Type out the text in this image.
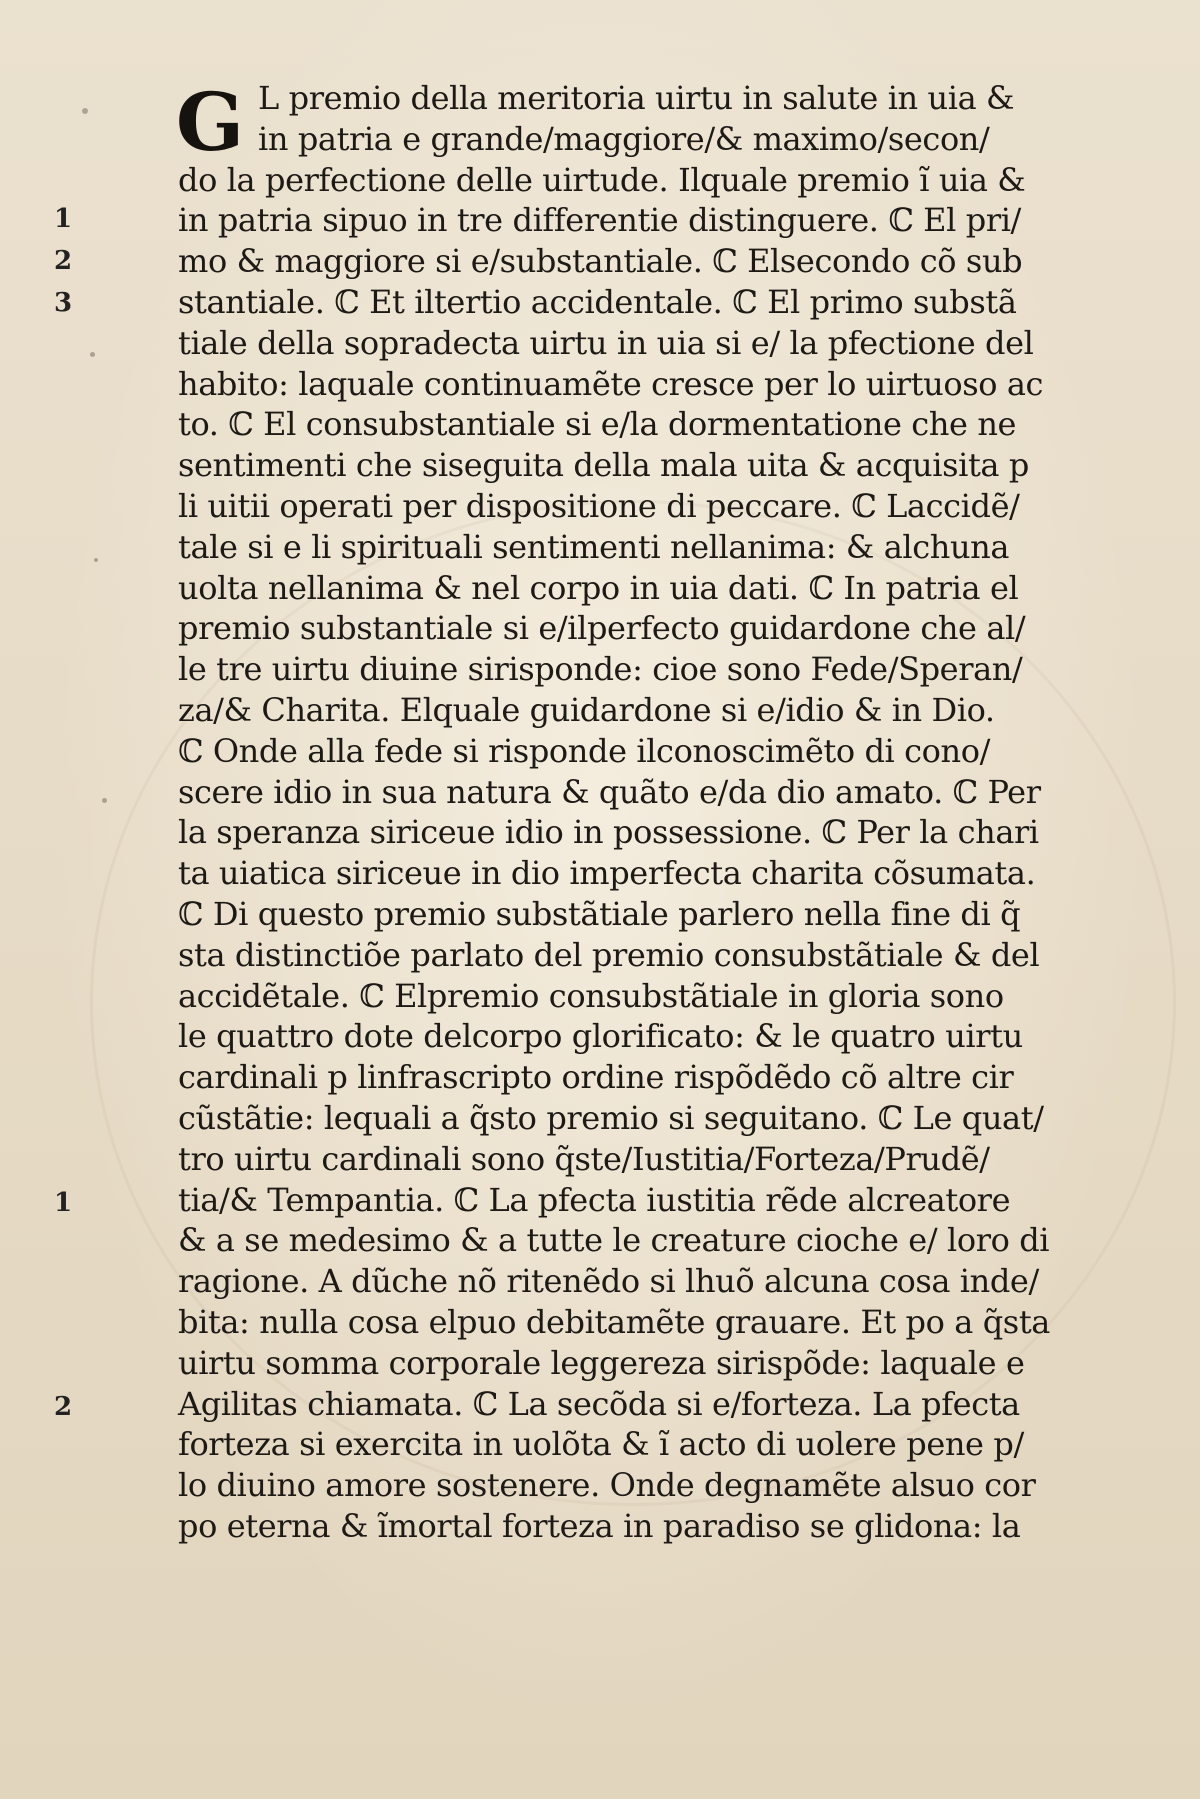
1
2
3
1
2
G L premio della meritoria uirtu in salute in uia &
in patria e grande/maggiore/& maximo/secon/
do la perfectione delle uirtude. Ilquale premio ĩ uia &
in patria sipuo in tre differentie distinguere. ℂ El pri/
mo & maggiore si e/substantiale. ℂ Elsecondo cõ sub
stantiale. ℂ Et iltertio accidentale. ℂ El primo substã
tiale della sopradecta uirtu in uia si e/ la pfectione del
habito: laquale continuamẽte cresce per lo uirtuoso ac
to. ℂ El consubstantiale si e/la dormentatione che ne
sentimenti che siseguita della mala uita & acquisita p
li uitii operati per dispositione di peccare. ℂ Laccidẽ/
tale si e li spirituali sentimenti nellanima: & alchuna
uolta nellanima & nel corpo in uia dati. ℂ In patria el
premio substantiale si e/ilperfecto guidardone che al/
le tre uirtu diuine sirisponde: cioe sono Fede/Speran/
za/& Charita. Elquale guidardone si e/idio & in Dio.
ℂ Onde alla fede si risponde ilconoscimẽto di cono/
scere idio in sua natura & quãto e/da dio amato. ℂ Per
la speranza siriceue idio in possessione. ℂ Per la chari
ta uiatica siriceue in dio imperfecta charita cõsumata.
ℂ Di questo premio substãtiale parlero nella fine di q̃
sta distinctiõe parlato del premio consubstãtiale & del
accidẽtale. ℂ Elpremio consubstãtiale in gloria sono
le quattro dote delcorpo glorificato: & le quatro uirtu
cardinali p linfrascripto ordine rispõdẽdo cõ altre cir
cũstãtie: lequali a q̃sto premio si seguitano. ℂ Le quat/
tro uirtu cardinali sono q̃ste/Iustitia/Forteza/Prudẽ/
tia/& Tempantia. ℂ La pfecta iustitia rẽde alcreatore
& a se medesimo & a tutte le creature cioche e/ loro di
ragione. A dũche nõ ritenẽdo si lhuõ alcuna cosa inde/
bita: nulla cosa elpuo debitamẽte grauare. Et po a q̃sta
uirtu somma corporale leggereza sirispõde: laquale e
Agilitas chiamata. ℂ La secõda si e/forteza. La pfecta
forteza si exercita in uolõta & ĩ acto di uolere pene p/
lo diuino amore sostenere. Onde degnamẽte alsuo cor
po eterna & ĩmortal forteza in paradiso se glidona: la
